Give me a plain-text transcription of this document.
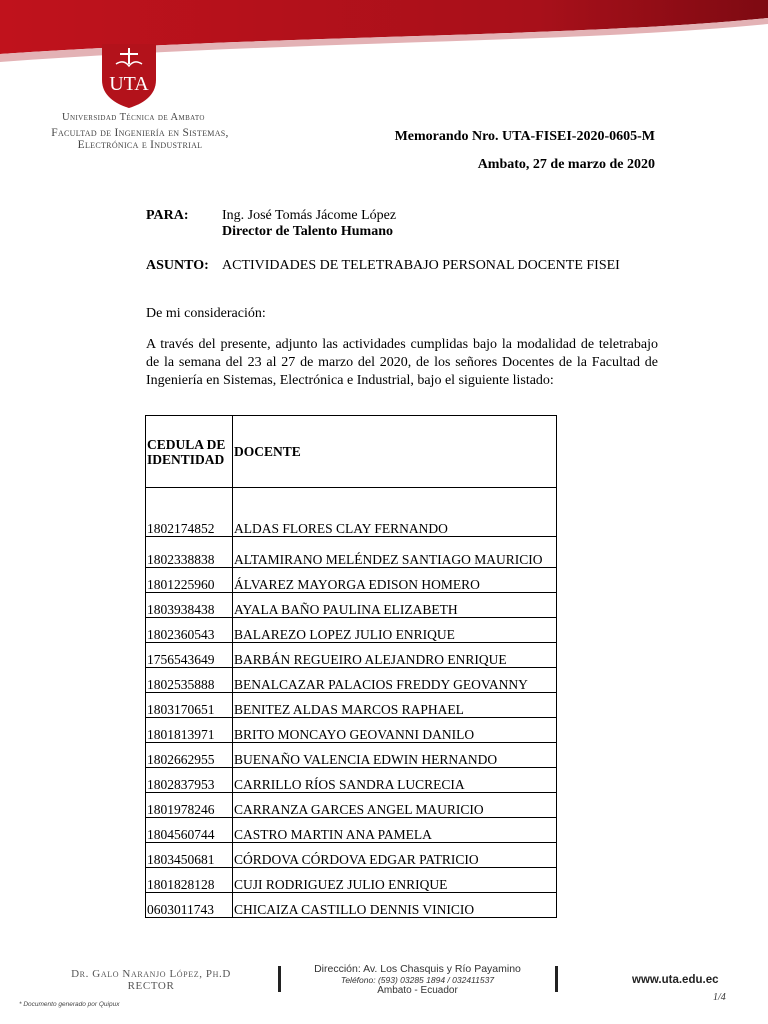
UTA
Universidad Técnica de Ambato
Facultad de Ingeniería en Sistemas,
Electrónica e Industrial
Memorando Nro. UTA-FISEI-2020-0605-M
Ambato, 27 de marzo de 2020
PARA: Ing. José Tomás Jácome López
Director de Talento Humano
ASUNTO: ACTIVIDADES DE TELETRABAJO PERSONAL DOCENTE FISEI
De mi consideración:
A través del presente, adjunto las actividades cumplidas bajo la modalidad de teletrabajo de la semana del 23 al 27 de marzo del 2020, de los señores Docentes de la Facultad de Ingeniería en Sistemas, Electrónica e Industrial, bajo el siguiente listado:
CEDULA DE
IDENTIDAD	DOCENTE
1802174852	ALDAS FLORES CLAY FERNANDO
1802338838	ALTAMIRANO MELÉNDEZ SANTIAGO MAURICIO
1801225960	ÁLVAREZ MAYORGA EDISON HOMERO
1803938438	AYALA BAÑO PAULINA ELIZABETH
1802360543	BALAREZO LOPEZ JULIO ENRIQUE
1756543649	BARBÁN REGUEIRO ALEJANDRO ENRIQUE
1802535888	BENALCAZAR PALACIOS FREDDY GEOVANNY
1803170651	BENITEZ ALDAS MARCOS RAPHAEL
1801813971	BRITO MONCAYO GEOVANNI DANILO
1802662955	BUENAÑO VALENCIA EDWIN HERNANDO
1802837953	CARRILLO RÍOS SANDRA LUCRECIA
1801978246	CARRANZA GARCES ANGEL MAURICIO
1804560744	CASTRO MARTIN ANA PAMELA
1803450681	CÓRDOVA CÓRDOVA EDGAR PATRICIO
1801828128	CUJI RODRIGUEZ JULIO ENRIQUE
0603011743	CHICAIZA CASTILLO DENNIS VINICIO
Dr. Galo Naranjo López, Ph.D
RECTOR
Dirección: Av. Los Chasquis y Río Payamino
Teléfono: (593) 03285 1894 / 032411537
Ambato - Ecuador
www.uta.edu.ec
1/4
* Documento generado por Quipux
